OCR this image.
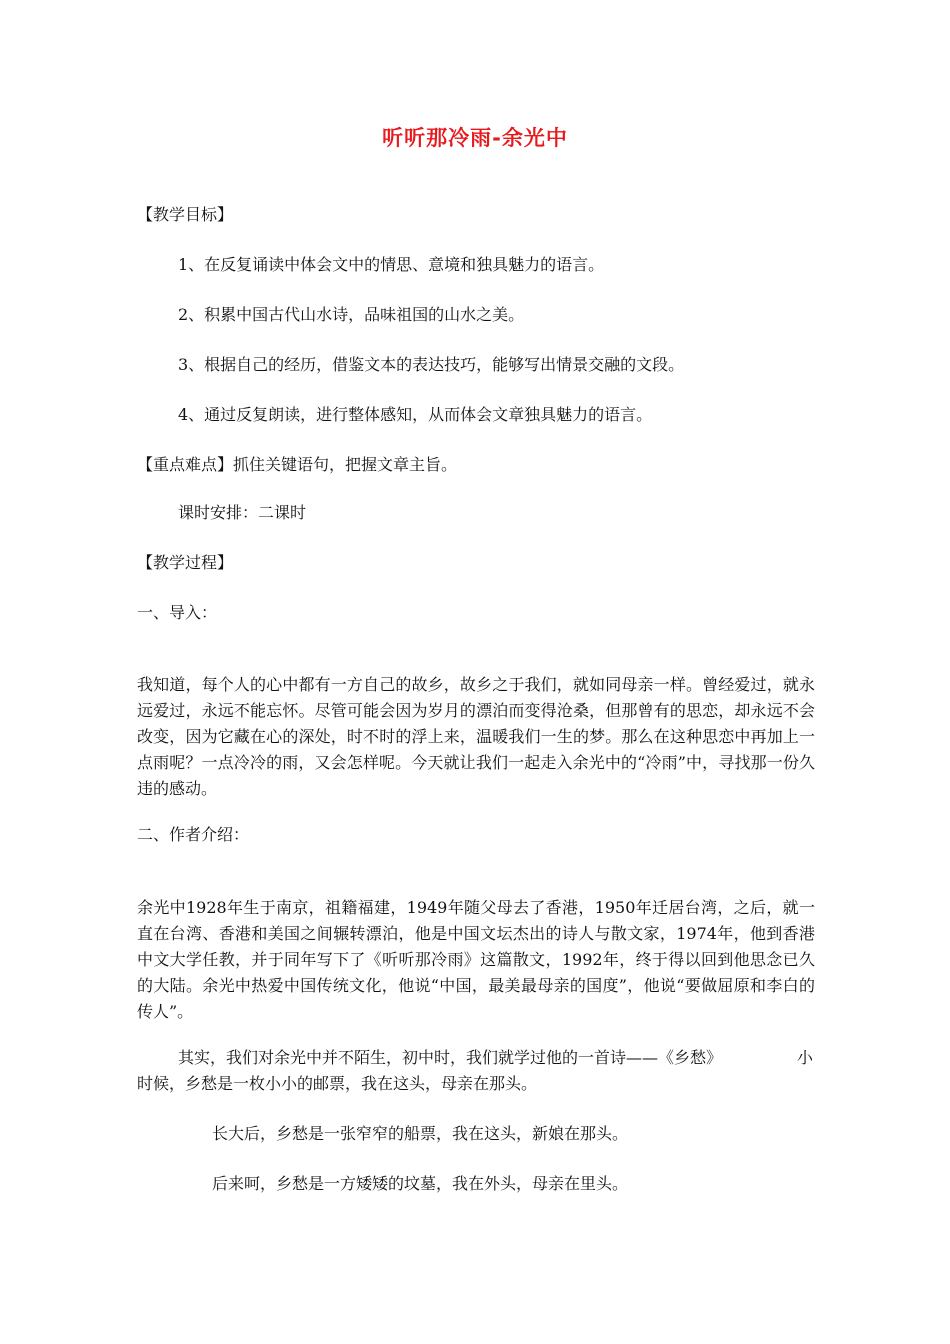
听听那冷雨-余光中
【教学目标】
1、在反复诵读中体会文中的情思、意境和独具魅力的语言。
2、积累中国古代山水诗，品味祖国的山水之美。
3、根据自己的经历，借鉴文本的表达技巧，能够写出情景交融的文段。
4、通过反复朗读，进行整体感知，从而体会文章独具魅力的语言。
【重点难点】抓住关键语句，把握文章主旨。
课时安排：二课时
【教学过程】
一、导入：
我知道，每个人的心中都有一方自己的故乡，故乡之于我们，就如同母亲一样。曾经爱过，就永远爱过，永远不能忘怀。尽管可能会因为岁月的漂泊而变得沧桑，但那曾有的思恋，却永远不会改变，因为它藏在心的深处，时不时的浮上来，温暖我们一生的梦。那么在这种思恋中再加上一点雨呢？一点冷冷的雨，又会怎样呢。今天就让我们一起走入余光中的“冷雨”中，寻找那一份久违的感动。
二、作者介绍：
余光中1928年生于南京，祖籍福建，1949年随父母去了香港，1950年迁居台湾，之后，就一直在台湾、香港和美国之间辗转漂泊，他是中国文坛杰出的诗人与散文家，1974年，他到香港中文大学任教，并于同年写下了《听听那冷雨》这篇散文，1992年，终于得以回到他思念已久的大陆。余光中热爱中国传统文化，他说“中国，最美最母亲的国度”，他说“要做屈原和李白的传人”。
其实，我们对余光中并不陌生，初中时，我们就学过他的一首诗——《乡愁》	小
时候，乡愁是一枚小小的邮票，我在这头，母亲在那头。
长大后，乡愁是一张窄窄的船票，我在这头，新娘在那头。
后来呵，乡愁是一方矮矮的坟墓，我在外头，母亲在里头。
